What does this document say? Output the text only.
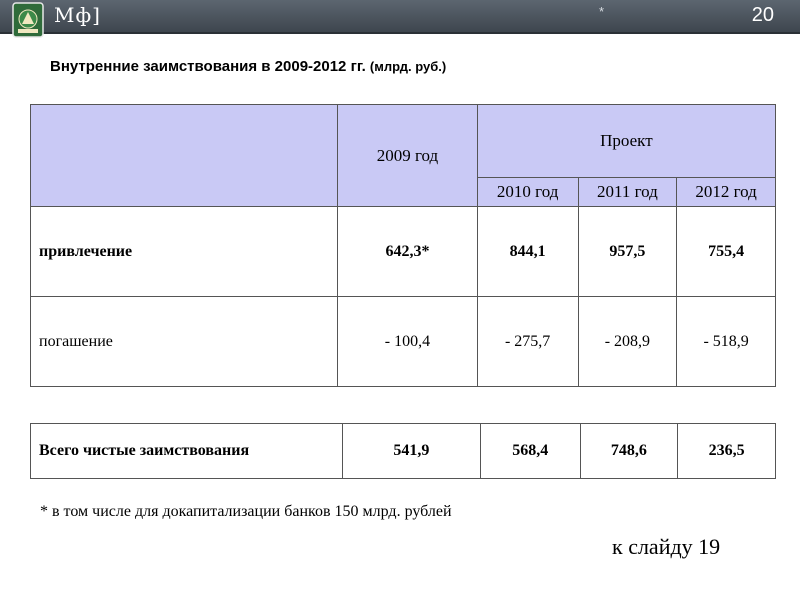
Мф]	*	20
Внутренние заимствования в 2009-2012 гг. (млрд. руб.)
	2009 год	Проект		
		2010 год	2011 год	2012 год
привлечение	642,3*	844,1	957,5	755,4
погашение	- 100,4	- 275,7	- 208,9	- 518,9
Всего чистые заимствования	541,9	568,4	748,6	236,5
* в том числе для докапитализации банков 150 млрд. рублей
к слайду 19
